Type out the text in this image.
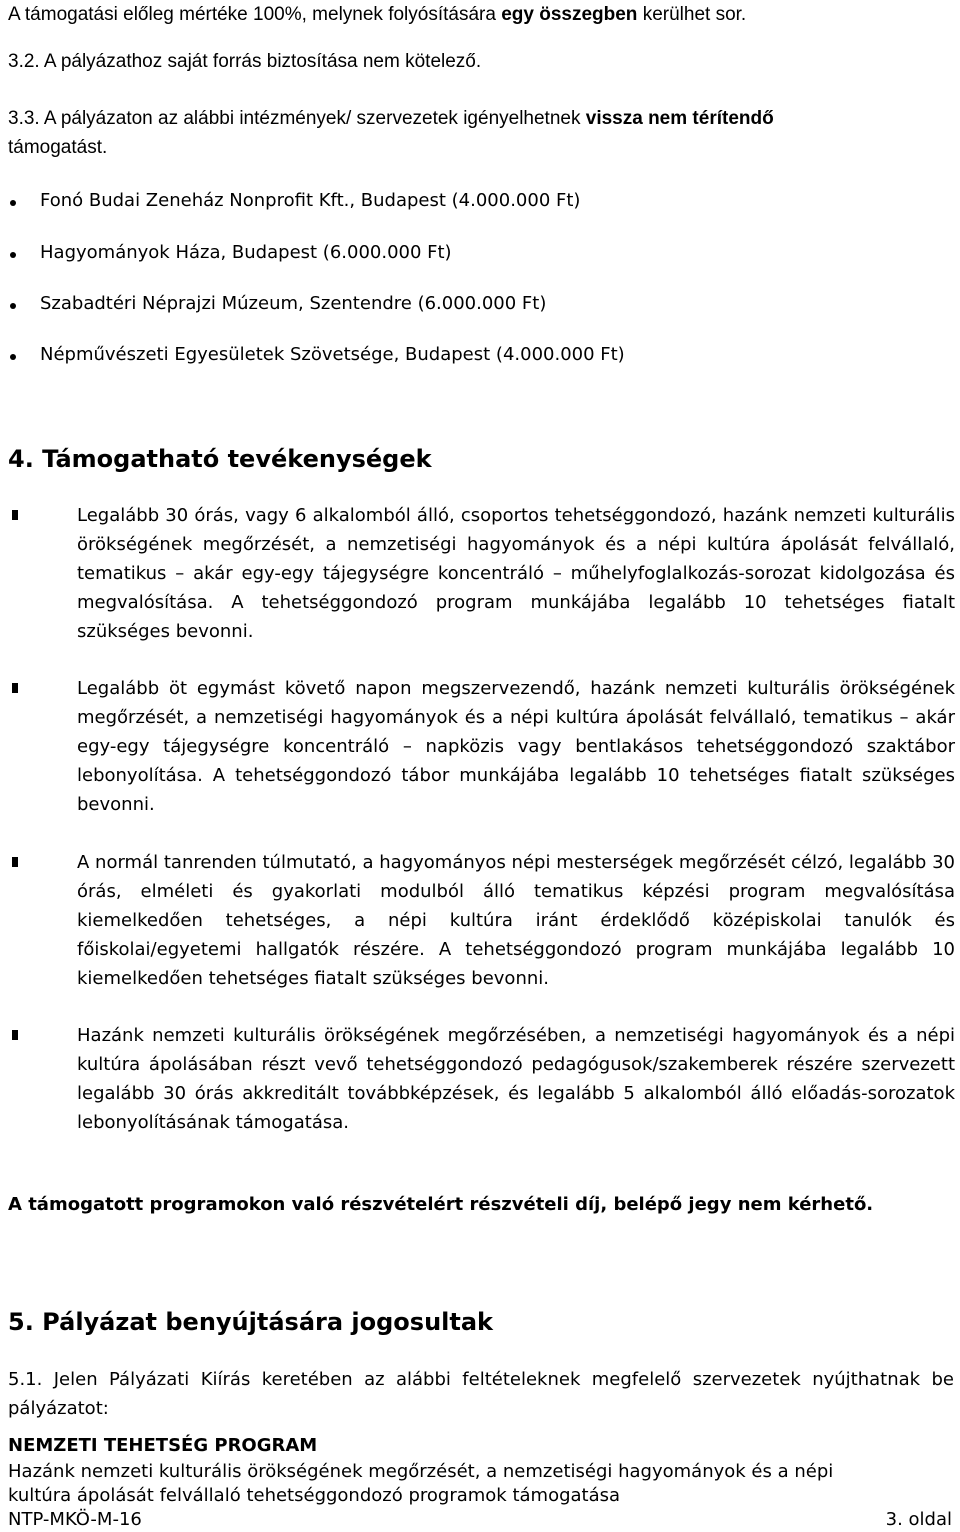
A támogatási előleg mértéke 100%, melynek folyósítására egy összegben kerülhet sor.
3.2. A pályázathoz saját forrás biztosítása nem kötelező.
3.3. A pályázaton az alábbi intézmények/ szervezetek igényelhetnek vissza nem térítendő
támogatást.
Fonó Budai Zeneház Nonprofit Kft., Budapest (4.000.000 Ft)
Hagyományok Háza, Budapest (6.000.000 Ft)
Szabadtéri Néprajzi Múzeum, Szentendre (6.000.000 Ft)
Népművészeti Egyesületek Szövetsége, Budapest (4.000.000 Ft)
4. Támogatható tevékenységek
Legalább 30 órás, vagy 6 alkalomból álló, csoportos tehetséggondozó, hazánk nemzeti kulturális örökségének megőrzését, a nemzetiségi hagyományok és a népi kultúra ápolását felvállaló, tematikus – akár egy-egy tájegységre koncentráló – műhelyfoglalkozás-sorozat kidolgozása és megvalósítása. A tehetséggondozó program munkájába legalább 10 tehetséges fiatalt szükséges bevonni.
Legalább öt egymást követő napon megszervezendő, hazánk nemzeti kulturális örökségének megőrzését, a nemzetiségi hagyományok és a népi kultúra ápolását felvállaló, tematikus – akár egy-egy tájegységre koncentráló – napközis vagy bentlakásos tehetséggondozó szaktábor lebonyolítása. A tehetséggondozó tábor munkájába legalább 10 tehetséges fiatalt szükséges bevonni.
A normál tanrenden túlmutató, a hagyományos népi mesterségek megőrzését célzó, legalább 30 órás, elméleti és gyakorlati modulból álló tematikus képzési program megvalósítása kiemelkedően tehetséges, a népi kultúra iránt érdeklődő középiskolai tanulók és főiskolai/egyetemi hallgatók részére. A tehetséggondozó program munkájába legalább 10 kiemelkedően tehetséges fiatalt szükséges bevonni.
Hazánk nemzeti kulturális örökségének megőrzésében, a nemzetiségi hagyományok és a népi kultúra ápolásában részt vevő tehetséggondozó pedagógusok/szakemberek részére szervezett legalább 30 órás akkreditált továbbképzések, és legalább 5 alkalomból álló előadás-sorozatok lebonyolításának támogatása.
A támogatott programokon való részvételért részvételi díj, belépő jegy nem kérhető.
5. Pályázat benyújtására jogosultak
5.1. Jelen Pályázati Kiírás keretében az alábbi feltételeknek megfelelő szervezetek nyújthatnak be pályázatot:
NEMZETI TEHETSÉG PROGRAM
Hazánk nemzeti kulturális örökségének megőrzését, a nemzetiségi hagyományok és a népi
kultúra ápolását felvállaló tehetséggondozó programok támogatása
NTP-MKÖ-M-16	3. oldal
